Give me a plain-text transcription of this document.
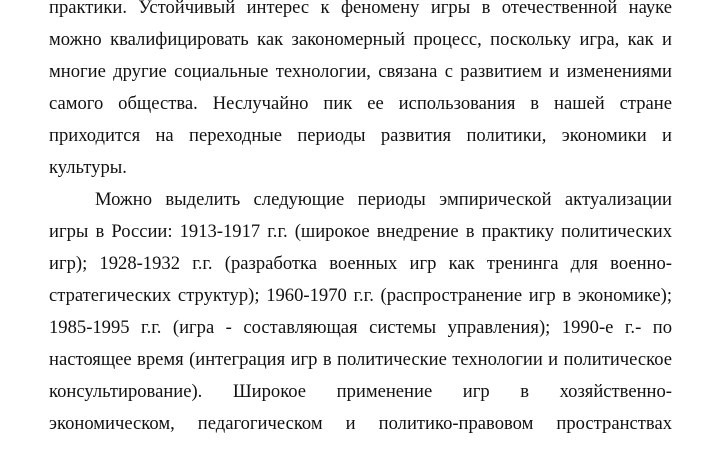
практики. Устойчивый интерес к феномену игры в отечественной науке

можно квалифицировать как закономерный процесс, поскольку игра, как и

многие другие социальные технологии, связана с развитием и изменениями

самого общества. Неслучайно пик ее использования в нашей стране

приходится на переходные периоды развития политики, экономики и

культуры.

Можно выделить следующие периоды эмпирической актуализации

игры в России: 1913-1917 г.г. (широкое внедрение в практику политических

игр); 1928-1932 г.г. (разработка военных игр как тренинга для военно-

стратегических структур); 1960-1970 г.г. (распространение игр в экономике);

1985-1995 г.г. (игра - составляющая системы управления); 1990-е г.- по

настоящее время (интеграция игр в политические технологии и политическое

консультирование). Широкое применение игр в хозяйственно-

экономическом, педагогическом и политико-правовом пространствах
